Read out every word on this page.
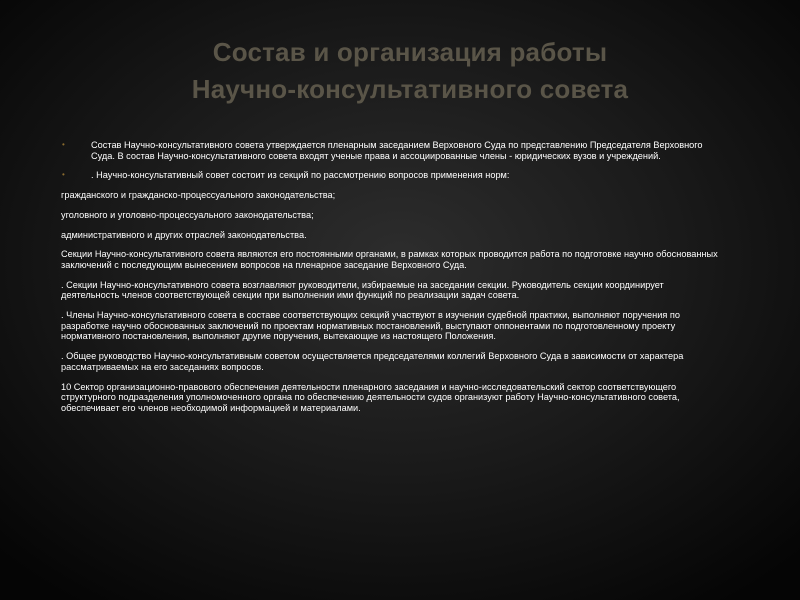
Состав и организация работы
Научно-консультативного совета
•	Состав Научно-консультативного совета утверждается пленарным заседанием Верховного Суда по представлению Председателя Верховного Суда. В состав Научно-консультативного совета входят ученые права и ассоциированные члены - юридических вузов и учреждений.
•	. Научно-консультативный совет состоит из секций по рассмотрению вопросов применения норм:
гражданского и гражданско-процессуального законодательства;
уголовного и уголовно-процессуального законодательства;
административного и других отраслей законодательства.
Секции Научно-консультативного совета являются его постоянными органами, в рамках которых проводится работа по подготовке научно обоснованных заключений с последующим вынесением вопросов на пленарное заседание Верховного Суда.
. Секции Научно-консультативного совета возглавляют руководители, избираемые на заседании секции. Руководитель секции координирует деятельность членов соответствующей секции при выполнении ими функций по реализации задач совета.
. Члены Научно-консультативного совета в составе соответствующих секций участвуют в изучении судебной практики, выполняют поручения по разработке научно обоснованных заключений по проектам нормативных постановлений, выступают оппонентами по подготовленному проекту нормативного постановления, выполняют другие поручения, вытекающие из настоящего Положения.
. Общее руководство Научно-консультативным советом осуществляется председателями коллегий Верховного Суда в зависимости от характера рассматриваемых на его заседаниях вопросов.
10 Сектор организационно-правового обеспечения деятельности пленарного заседания и научно-исследовательский сектор соответствующего структурного подразделения уполномоченного органа по обеспечению деятельности судов организуют работу Научно-консультативного совета, обеспечивает его членов необходимой информацией и материалами.
